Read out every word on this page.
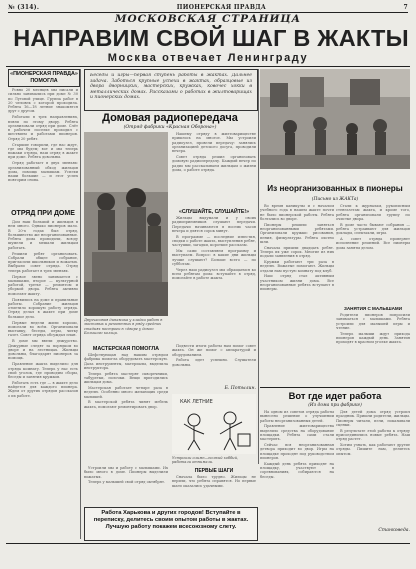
№ (314).	ПИОНЕРСКАЯ ПРАВДА	7
МОСКОВСКАЯ СТРАНИЦА
НАПРАВИМ СВОЙ ШАГ В ЖАКТЫ
Москва отвечает Ленинграду
«ПИОНЕРСКАЯ ПРАВДА» ПОМОГЛА

Ровно 20 месяцев мы писали и сильно занимались при доме № 30 по Лутовой улице. Группа работ в 20 человек с которой проходила. Ребята 16—18 летние знакомятся друг с другом.

Работали в трех направлениях, взяли по этому двору. Ребята организовали отряд при доме. Слёт в рабочем поселке проходил с шествием и работами пионеров. Отряд 20 ребят.

Старшие говорили, где нас ждут, где мы будем; вот и мы теперь вожаки отряда, наш отряд в жакте при доме. Ребята довольны.

Отряд работает в двух звеньях: организованный обход жильцов дома, помощь малышам. Успехи наши большие — и этот успех повторим снова.

ОТРЯД ПРИ ДОМЕ

Дом наш большой и жильцов в нем много. Однако пионеров мало. В 20-х годах был отряд, большинство же неорганизованные. Ребята дома проводили, всюду шумели и мешали жильцам работать.

Решили ребят организовать. Собрали общее собрание, пригласили школьников и вожатых. Выбрали совет отряда. Отряд теперь работает в трех звеньях.

Первое звено занимается с малышами, второе — культурной работой, третье — ремонтом и уборкой двора. Ребята активно помогают жакту.

Появились на доме и правильные работы. Собрание жильцов отметило хорошую работу отряда. Отряд делал в жакте при доме большое дело.

Первые недели жили хорошо, помогали во всём. Организовали выставку, беседы, игры, читку газет. Совет отряда обсуждал план.

В доме мы ввели дежурство. Дежурные следят за порядком во дворе и на лестницах. Жильцы довольны, благодарят пионеров за помощь.

Правление жакта выделило для отряда комнату. Теперь у нас есть свой уголок, где проводим сборы, беседы и занятия кружков.

Работать есть где — в жакте дело найдется для каждого пионера. Ждем от других отрядов рассказов о их работе.

Беседы и игры—первая ступень работы в жактах. Дальнее задача. Заботься крупные успехи в жактах, образцовые из двора дворницких, мастерских, кружках, ковочес хокки в металлических домах. Рассказами о работах в жилтоварищах и пионерских домах.
Домовая радиопередача
(Отряд фабрики «Красная Оборона»)
Двухчасовая динамика у кладки работ в мостовых и ремонтных в ряду средних стадиях построек в «дворе у дома» Большого кольца.

Нашему отряду в жилтовариществе пришлось на многое. Мы устроили радиоузел, провели передачу: занялись организацией детского досуга, проводили вечера.

Совет отряда решил организовать домовую радиопередачу. Каждый вечер по радио мы рассказываем жильцам о жизни дома, о работе отряда.

«СЛУШАЙТЕ, СЛУШАЙТЕ!»

Жильцы выдумали и у своих радиоприемников слушают передачи. Передачи начинаются в восемь часов вечера и длятся сорок минут.

В программе — последние известия, сводки о работе жакта, выступления ребят, частушки, загадки, короткие рассказы.

Мы сами составляем программу и выступаем. Вопрос: в какие дни жильцы лучше слушают? Больше всего — по субботам.

Через наш радиоузел мы обращаемся ко всем ребятам дома: вступайте в отряд, помогайте в работе жакта.

Из неорганизованных в пионеры
(Письмо из ЖАКТа)

Во время каникулы и с началом учебного года в нашем жакте почти не было пионерской работы. Ребята болтались во дворе.

Пионеры решили заняться неорганизованными ребятами. Организовали кружки: рисования, пения, физкультуры. Ребята охотно шли.

Сначала пришли двадцать ребят. Теперь их уже сорок. Многие из них подали заявления в отряд.

Кружки работают три раза в неделю. Вожатые помогают. Жильцы отдали нам пустую комнату под клуб.

Наш отряд стал активным участником жизни дома. Все неорганизованные ребята вступают в пионеры.

Стали к журналам, рукописным стенгазетам жакта, и кроме того, ребята организовали группу по очистке двора.

В доме часто бывают собрания — ребята устраивают для жильцов доклады, спектакли, игры.

А совет отряда проверяет исполнение решений. Все пионеры дома заняты делом.

ЗАНЯТИЯ С МАЛЫШАМИ

Родители пионеров попросили заниматься с малышами. Ребята устроили для малышей игры и чтение.

Теперь малыши ждут прихода пионеров каждый день. Занятия проходят в красном уголке жакта.

Вот где идет работа
(Из дома при фабрике)

На одном из советов отряда работы вынесено решение о улучшении работы неорганизованных детей.

Правление жилтоварищества выделило средства на оборудование площадки. Ребята сами стали мастерить.

Сейчас вся неорганизованная детвора приходит во двор. Игры на площадке проходят под руководством пионеров.

Каждый день ребята приходят на площадку, участвуют в соревнованиях, собираются на беседы.

Для детей дома отряд устроил праздник. Пришли родители, жильцы. Пионеры читали, пели, показывали сценки.

В результате этой работы к отряду присоединились новые ребята. Наш отряд растет.

Хотим узнать, как работают другие отряды. Пишите нам, делитесь опытом.

Станковеда.

Подвести итоги работы нам помог совет жакта. Он же помог с аппаратурой и оборудованием.

Работа идет успешно. Слушатели довольны.

Б. Потылин.
МАСТЕРСКАЯ ПОМОГЛА

Шефствующая над нашим отрядом фабрика помогла оборудовать мастерскую. Дала инструменты, материалы, выделила инструктора.

Теперь ребята мастерят скворечники, табуретки, полочки. Вещи пригодились жильцам дома.

Мастерская работает четыре раза в неделю. Особенно много желающих среди малышей.

В мастерской ребята чинят мебель жакта, помогают ремонтировать двор.

КАК ЛЕТНИЕ
Устроили олимп—полный хоббий, работали отнимали.

Устроили мы и работу с малышами. Их было много в доме. Пионеры выделили вожатых.

Теперь у малышей свой отряд октябрят.

ПЕРВЫЕ ШАГИ

Сначала было трудно. Жильцы не верили, что ребята справятся. Но первые шаги оказались удачными.

Работа Харькова и других городов! Вступайте в переписку, делитесь своим опытом работы в жактах. Лучшую работу покажем всесоюзному слету.
